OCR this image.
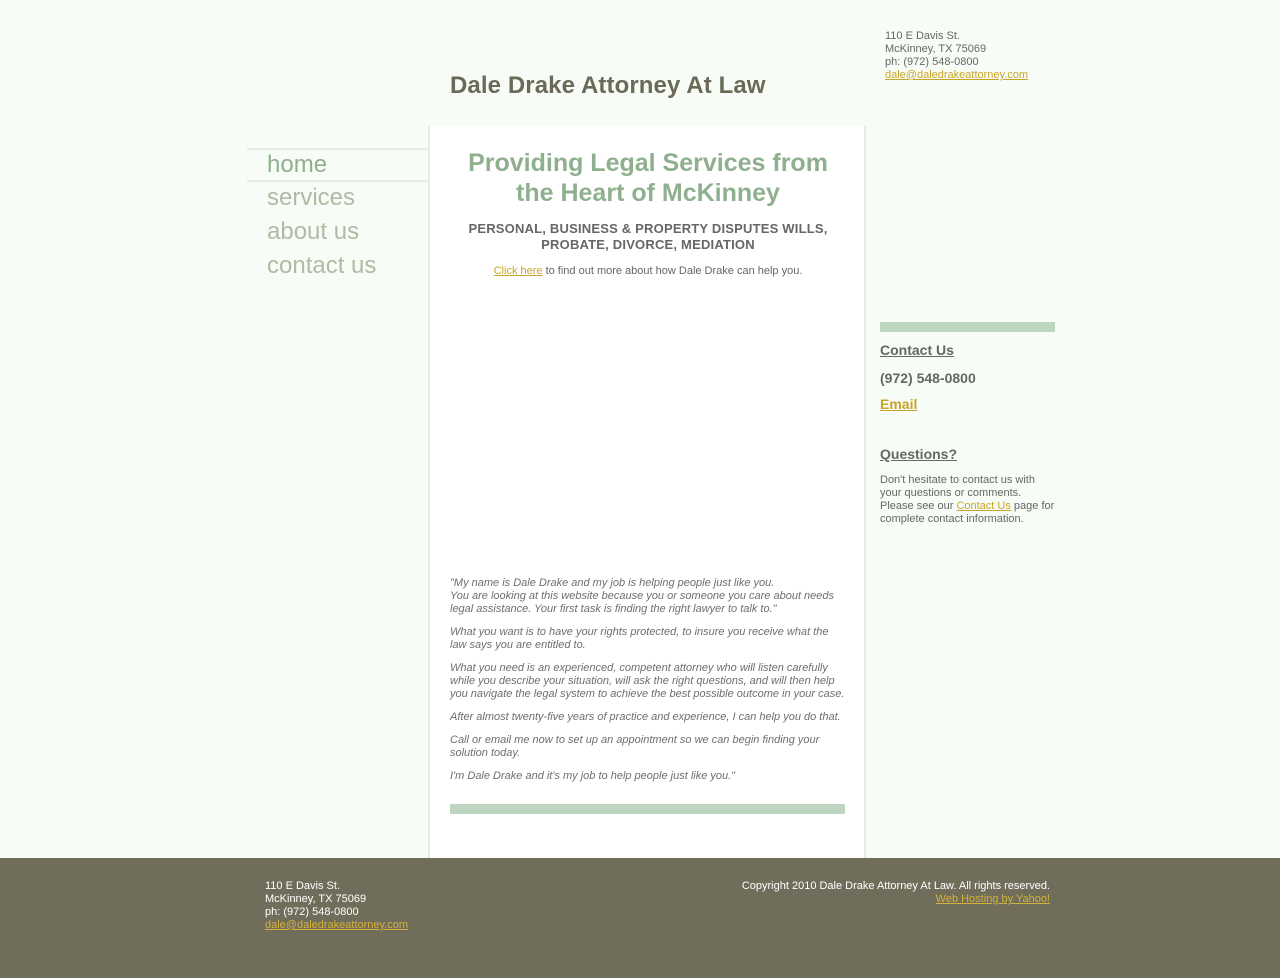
Dale Drake Attorney At Law
110 E Davis St.
McKinney, TX 75069
ph: (972) 548-0800
dale@daledrakeattorney.com
home
services
about us
contact us
Providing Legal Services from the Heart of McKinney
PERSONAL, BUSINESS & PROPERTY DISPUTES WILLS, PROBATE, DIVORCE, MEDIATION
Click here to find out more about how Dale Drake can help you.

"My name is Dale Drake and my job is helping people just like you.
You are looking at this website because you or someone you care about needs legal assistance. Your first task is finding the right lawyer to talk to."

What you want is to have your rights protected, to insure you receive what the law says you are entitled to.

What you need is an experienced, competent attorney who will listen carefully while you describe your situation, will ask the right questions, and will then help you navigate the legal system to achieve the best possible outcome in your case.

After almost twenty-five years of practice and experience, I can help you do that.

Call or email me now to set up an appointment so we can begin finding your solution today.

I'm Dale Drake and it's my job to help people just like you."

Contact Us
(972) 548-0800
Email
Questions?
Don't hesitate to contact us with your questions or comments. Please see our Contact Us page for complete contact information.
110 E Davis St.
McKinney, TX 75069
ph: (972) 548-0800
dale@daledrakeattorney.com
Copyright 2010 Dale Drake Attorney At Law. All rights reserved.
Web Hosting by Yahoo!
